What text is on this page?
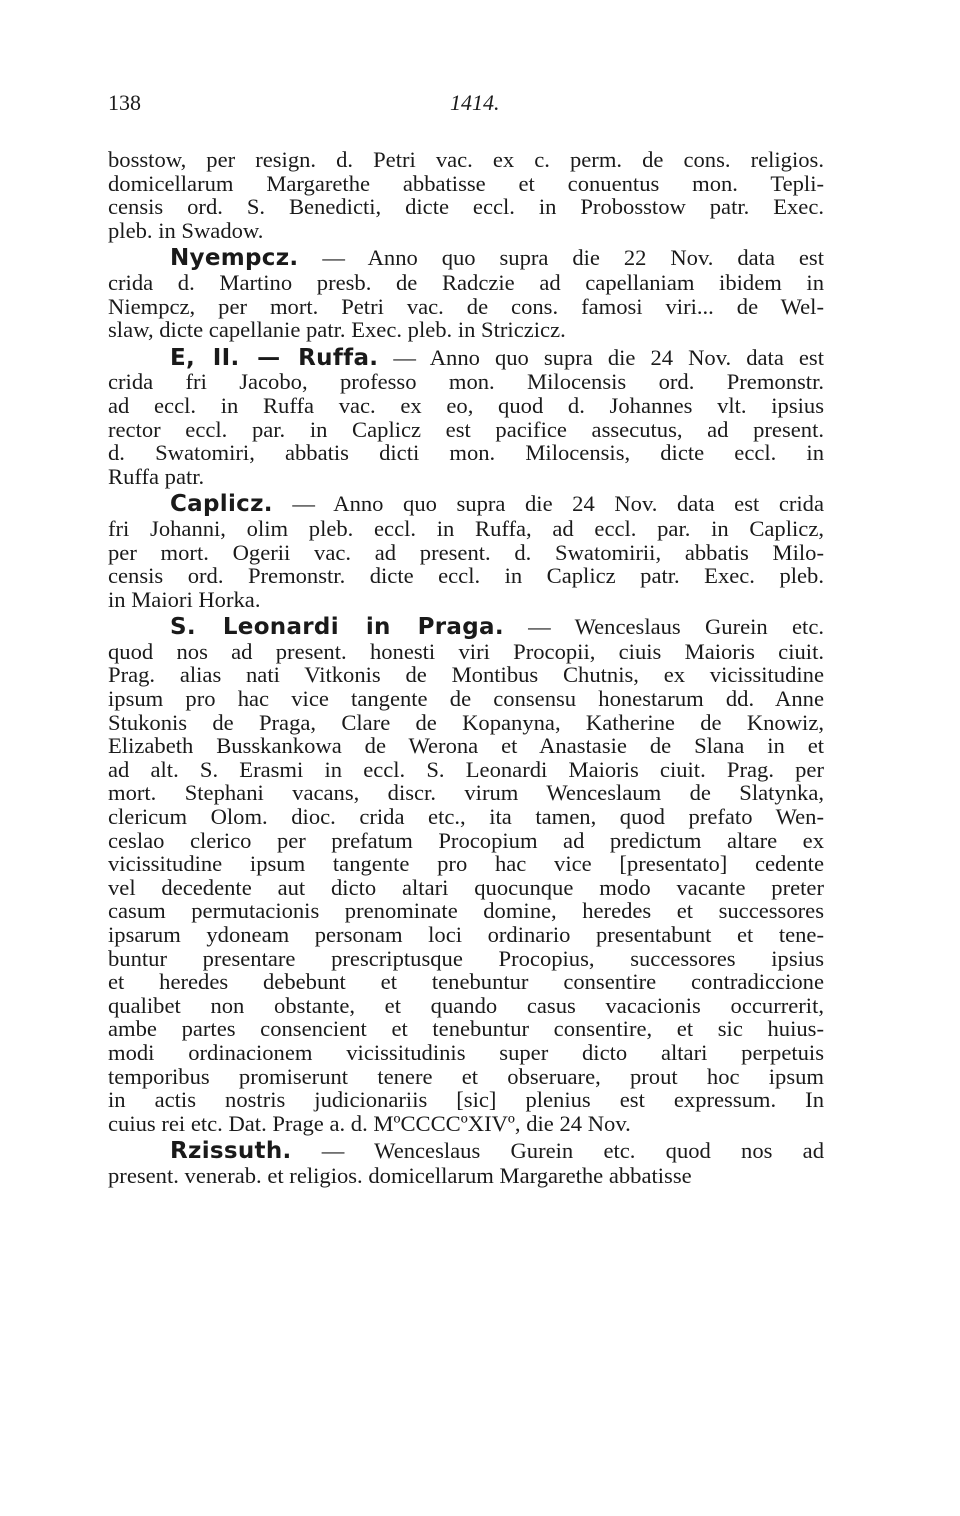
138	1414.
bosstow, per resign. d. Petri vac. ex c. perm. de cons. religios.
domicellarum Margarethe abbatisse et conuentus mon. Tepli-
censis ord. S. Benedicti, dicte eccl. in Probosstow patr. Exec.
pleb. in Swadow.
Nyempcz. — Anno quo supra die 22 Nov. data est
crida d. Martino presb. de Radczie ad capellaniam ibidem in
Niempcz, per mort. Petri vac. de cons. famosi viri... de Wel-
slaw, dicte capellanie patr. Exec. pleb. in Striczicz.
E, II. — Ruffa. — Anno quo supra die 24 Nov. data est
crida fri Jacobo, professo mon. Milocensis ord. Premonstr.
ad eccl. in Ruffa vac. ex eo, quod d. Johannes vlt. ipsius
rector eccl. par. in Caplicz est pacifice assecutus, ad present.
d. Swatomiri, abbatis dicti mon. Milocensis, dicte eccl. in
Ruffa patr.
Caplicz. — Anno quo supra die 24 Nov. data est crida
fri Johanni, olim pleb. eccl. in Ruffa, ad eccl. par. in Caplicz,
per mort. Ogerii vac. ad present. d. Swatomirii, abbatis Milo-
censis ord. Premonstr. dicte eccl. in Caplicz patr. Exec. pleb.
in Maiori Horka.
S. Leonardi in Praga. — Wenceslaus Gurein etc.
quod nos ad present. honesti viri Procopii, ciuis Maioris ciuit.
Prag. alias nati Vitkonis de Montibus Chutnis, ex vicissitudine
ipsum pro hac vice tangente de consensu honestarum dd. Anne
Stukonis de Praga, Clare de Kopanyna, Katherine de Knowiz,
Elizabeth Busskankowa de Werona et Anastasie de Slana in et
ad alt. S. Erasmi in eccl. S. Leonardi Maioris ciuit. Prag. per
mort. Stephani vacans, discr. virum Wenceslaum de Slatynka,
clericum Olom. dioc. crida etc., ita tamen, quod prefato Wen-
ceslao clerico per prefatum Procopium ad predictum altare ex
vicissitudine ipsum tangente pro hac vice [presentato] cedente
vel decedente aut dicto altari quocunque modo vacante preter
casum permutacionis prenominate domine, heredes et successores
ipsarum ydoneam personam loci ordinario presentabunt et tene-
buntur presentare prescriptusque Procopius, successores ipsius
et heredes debebunt et tenebuntur consentire contradiccione
qualibet non obstante, et quando casus vacacionis occurrerit,
ambe partes consencient et tenebuntur consentire, et sic huius-
modi ordinacionem vicissitudinis super dicto altari perpetuis
temporibus promiserunt tenere et obseruare, prout hoc ipsum
in actis nostris judicionariis [sic] plenius est expressum. In
cuius rei etc. Dat. Prage a. d. MºCCCCºXIVº, die 24 Nov.
Rzissuth. — Wenceslaus Gurein etc. quod nos ad
present. venerab. et religios. domicellarum Margarethe abbatisse
